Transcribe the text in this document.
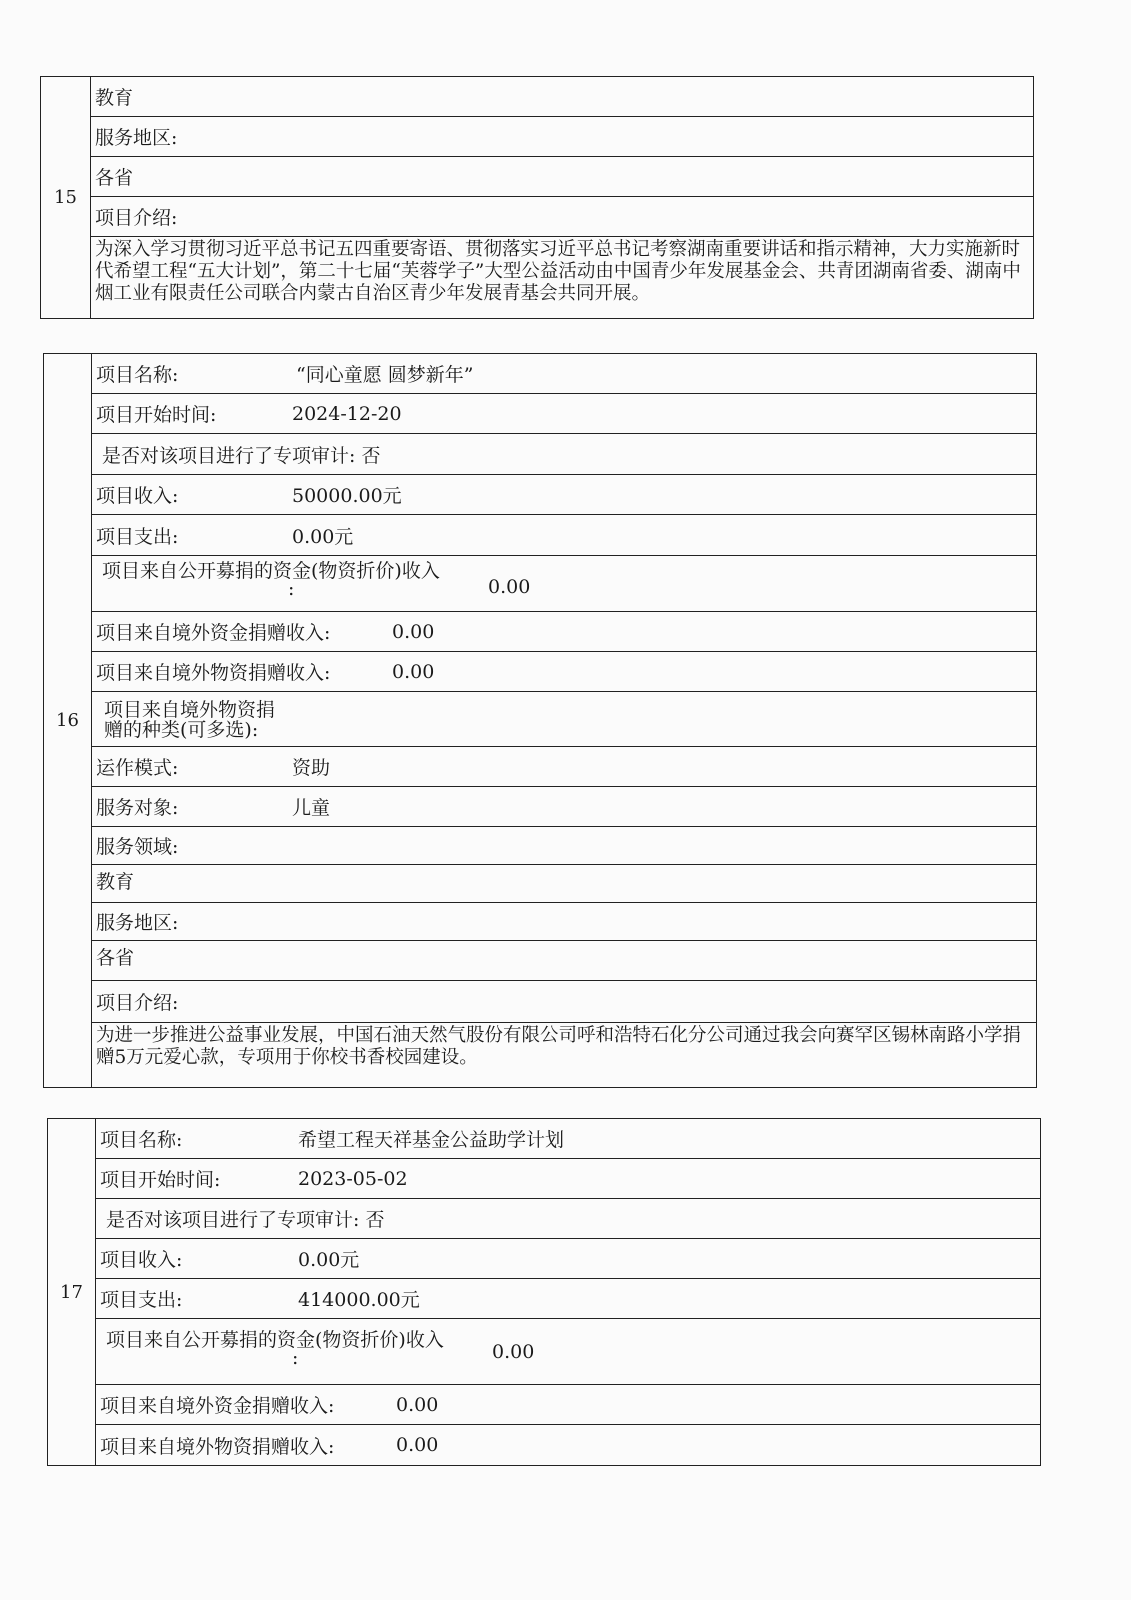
15
教育
服务地区:
各省
项目介绍:
为深入学习贯彻习近平总书记五四重要寄语、贯彻落实习近平总书记考察湖南重要讲话和指示精神，大力实施新时代希望工程“五大计划”，第二十七届“芙蓉学子”大型公益活动由中国青少年发展基金会、共青团湖南省委、湖南中烟工业有限责任公司联合内蒙古自治区青少年发展青基会共同开展。
16
项目名称:	“同心童愿 圆梦新年”
项目开始时间:	2024-12-20
是否对该项目进行了专项审计: 否
项目收入:	50000.00元
项目支出:	0.00元
项目来自公开募捐的资金(物资折价)收入
:	0.00
项目来自境外资金捐赠收入:	0.00
项目来自境外物资捐赠收入:	0.00
项目来自境外物资捐
赠的种类(可多选):
运作模式:	资助
服务对象:	儿童
服务领域:
教育
服务地区:
各省
项目介绍:
为进一步推进公益事业发展，中国石油天然气股份有限公司呼和浩特石化分公司通过我会向赛罕区锡林南路小学捐赠5万元爱心款，专项用于你校书香校园建设。
17
项目名称:	希望工程天祥基金公益助学计划
项目开始时间:	2023-05-02
是否对该项目进行了专项审计: 否
项目收入:	0.00元
项目支出:	414000.00元
项目来自公开募捐的资金(物资折价)收入
:	0.00
项目来自境外资金捐赠收入:	0.00
项目来自境外物资捐赠收入:	0.00
